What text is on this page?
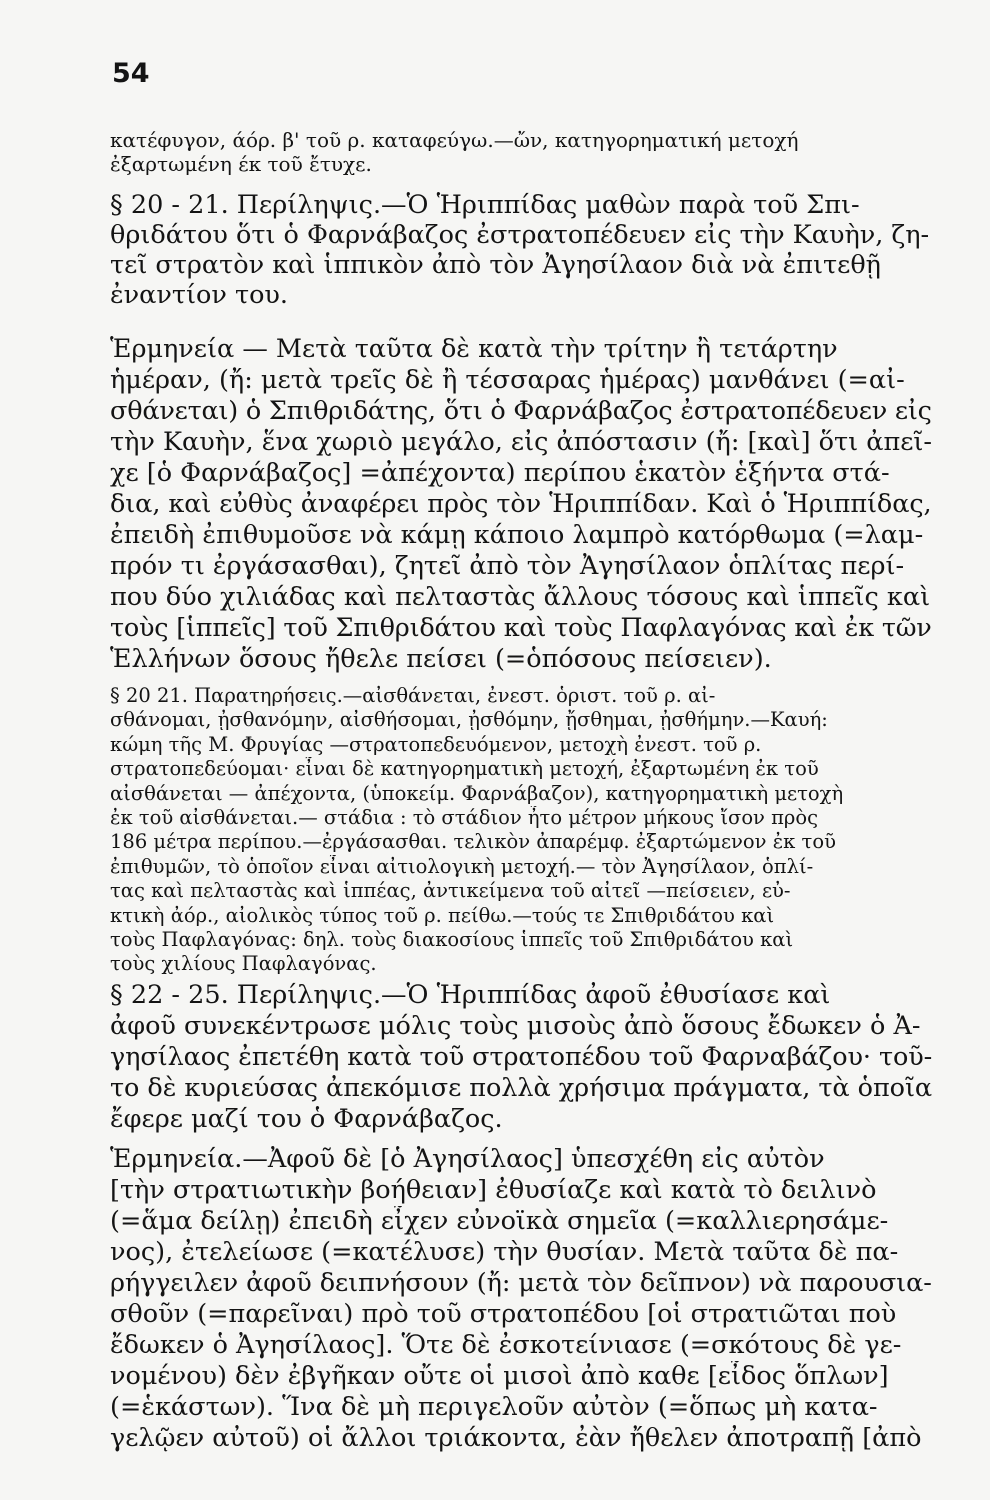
54
κατέφυγον, άόρ. β' τοῦ ρ. καταφεύγω.—ὤν, κατηγορηματική μετοχή
ἐξαρτωμένη έκ τοῦ ἔτυχε.
§ 20 - 21. Περίληψις.—Ὁ Ἡριππίδας μαθὼν παρὰ τοῦ Σπι-
θριδάτου ὅτι ὁ Φαρνάβαζος ἐστρατοπέδευεν εἰς τὴν Καυὴν, ζη-
τεῖ στρατὸν καὶ ἱππικὸν ἀπὸ τὸν Ἀγησίλαον διὰ νὰ ἐπιτεθῇ
ἐναντίον του.
Ἑρμηνεία — Μετὰ ταῦτα δὲ κατὰ τὴν τρίτην ἢ τετάρτην
ἡμέραν, (ἤ: μετὰ τρεῖς δὲ ἢ τέσσαρας ἡμέρας) μανθάνει (=αἰ-
σθάνεται) ὁ Σπιθριδάτης, ὅτι ὁ Φαρνάβαζος ἐστρατοπέδευεν εἰς
τὴν Καυὴν, ἕνα χωριὸ μεγάλο, εἰς ἀπόστασιν (ἤ: [καὶ] ὅτι ἀπεῖ-
χε [ὁ Φαρνάβαζος] =ἀπέχοντα) περίπου ἑκατὸν ἑξήντα στά-
δια, καὶ εὐθὺς ἀναφέρει πρὸς τὸν Ἡριππίδαν. Καὶ ὁ Ἡριππίδας,
ἐπειδὴ ἐπιθυμοῦσε νὰ κάμῃ κάποιο λαμπρὸ κατόρθωμα (=λαμ-
πρόν τι ἐργάσασθαι), ζητεῖ ἀπὸ τὸν Ἀγησίλαον ὁπλίτας περί-
που δύο χιλιάδας καὶ πελταστὰς ἄλλους τόσους καὶ ἱππεῖς καὶ
τοὺς [ἱππεῖς] τοῦ Σπιθριδάτου καὶ τοὺς Παφλαγόνας καὶ ἐκ τῶν
Ἑλλήνων ὅσους ἤθελε πείσει (=ὁπόσους πείσειεν).
§ 20 21. Παρατηρήσεις.—αἰσθάνεται, ἐνεστ. ὁριστ. τοῦ ρ. αἰ-
σθάνομαι, ᾐσθανόμην, αἰσθήσομαι, ᾐσθόμην, ᾔσθημαι, ᾐσθήμην.—Καυή:
κώμη τῆς Μ. Φρυγίας —στρατοπεδευόμενον, μετοχὴ ἐνεστ. τοῦ ρ.
στρατοπεδεύομαι· εἶναι δὲ κατηγορηματικὴ μετοχή, ἐξαρτωμένη ἐκ τοῦ
αἰσθάνεται — ἀπέχοντα, (ὑποκείμ. Φαρνάβαζον), κατηγορηματικὴ μετοχὴ
ἐκ τοῦ αἰσθάνεται.— στάδια : τὸ στάδιον ἦτο μέτρον μήκους ἴσον πρὸς
186 μέτρα περίπου.—ἐργάσασθαι. τελικὸν ἀπαρέμφ. ἐξαρτώμενον ἐκ τοῦ
ἐπιθυμῶν, τὸ ὁποῖον εἶναι αἰτιολογικὴ μετοχή.— τὸν Ἀγησίλαον, ὁπλί-
τας καὶ πελταστὰς καὶ ἱππέας, ἀντικείμενα τοῦ αἰτεῖ —πείσειεν, εὐ-
κτικὴ ἀόρ., αἰολικὸς τύπος τοῦ ρ. πείθω.—τούς τε Σπιθριδάτου καὶ
τοὺς Παφλαγόνας: δηλ. τοὺς διακοσίους ἱππεῖς τοῦ Σπιθριδάτου καὶ
τοὺς χιλίους Παφλαγόνας.
§ 22 - 25. Περίληψις.—Ὁ Ἡριππίδας ἀφοῦ ἐθυσίασε καὶ
ἀφοῦ συνεκέντρωσε μόλις τοὺς μισοὺς ἀπὸ ὅσους ἔδωκεν ὁ Ἀ-
γησίλαος ἐπετέθη κατὰ τοῦ στρατοπέδου τοῦ Φαρναβάζου· τοῦ-
το δὲ κυριεύσας ἀπεκόμισε πολλὰ χρήσιμα πράγματα, τὰ ὁποῖα
ἔφερε μαζί του ὁ Φαρνάβαζος.
Ἑρμηνεία.—Ἀφοῦ δὲ [ὁ Ἀγησίλαος] ὑπεσχέθη εἰς αὐτὸν
[τὴν στρατιωτικὴν βοήθειαν] ἐθυσίαζε καὶ κατὰ τὸ δειλινὸ
(=ἅμα δείλῃ) ἐπειδὴ εἶχεν εὐνοϊκὰ σημεῖα (=καλλιερησάμε-
νος), ἐτελείωσε (=κατέλυσε) τὴν θυσίαν. Μετὰ ταῦτα δὲ πα-
ρήγγειλεν ἀφοῦ δειπνήσουν (ἤ: μετὰ τὸν δεῖπνον) νὰ παρουσια-
σθοῦν (=παρεῖναι) πρὸ τοῦ στρατοπέδου [οἱ στρατιῶται ποὺ
ἔδωκεν ὁ Ἀγησίλαος]. Ὅτε δὲ ἐσκοτείνιασε (=σκότους δὲ γε-
νομένου) δὲν ἐβγῆκαν οὔτε οἱ μισοὶ ἀπὸ καθε [εἶδος ὅπλων]
(=ἑκάστων). Ἵνα δὲ μὴ περιγελοῦν αὐτὸν (=ὅπως μὴ κατα-
γελῷεν αὐτοῦ) οἱ ἄλλοι τριάκοντα, ἐὰν ἤθελεν ἀποτραπῇ [ἀπὸ
